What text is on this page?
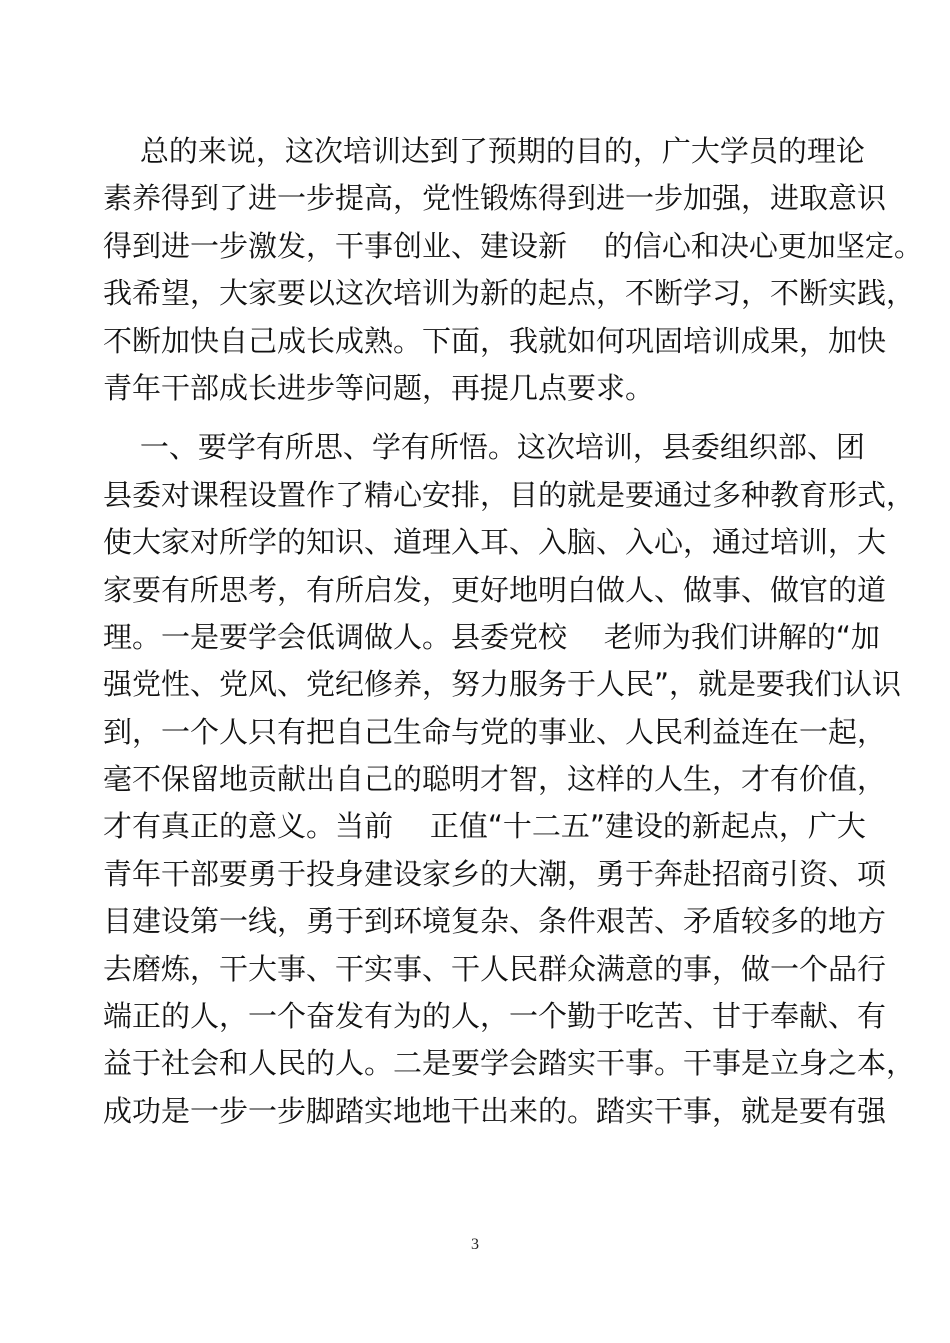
总的来说，这次培训达到了预期的目的，广大学员的理论
素养得到了进一步提高，党性锻炼得到进一步加强，进取意识
得到进一步激发，干事创业、建设新    的信心和决心更加坚定。
我希望，大家要以这次培训为新的起点，不断学习，不断实践，
不断加快自己成长成熟。下面，我就如何巩固培训成果，加快
青年干部成长进步等问题，再提几点要求。
一、要学有所思、学有所悟。这次培训，县委组织部、团
县委对课程设置作了精心安排，目的就是要通过多种教育形式，
使大家对所学的知识、道理入耳、入脑、入心，通过培训，大
家要有所思考，有所启发，更好地明白做人、做事、做官的道
理。一是要学会低调做人。县委党校    老师为我们讲解的“加
强党性、党风、党纪修养，努力服务于人民”，就是要我们认识
到，一个人只有把自己生命与党的事业、人民利益连在一起，
毫不保留地贡献出自己的聪明才智，这样的人生，才有价值，
才有真正的意义。当前    正值“十二五”建设的新起点，广大
青年干部要勇于投身建设家乡的大潮，勇于奔赴招商引资、项
目建设第一线，勇于到环境复杂、条件艰苦、矛盾较多的地方
去磨炼，干大事、干实事、干人民群众满意的事，做一个品行
端正的人，一个奋发有为的人，一个勤于吃苦、甘于奉献、有
益于社会和人民的人。二是要学会踏实干事。干事是立身之本，
成功是一步一步脚踏实地地干出来的。踏实干事，就是要有强
3
